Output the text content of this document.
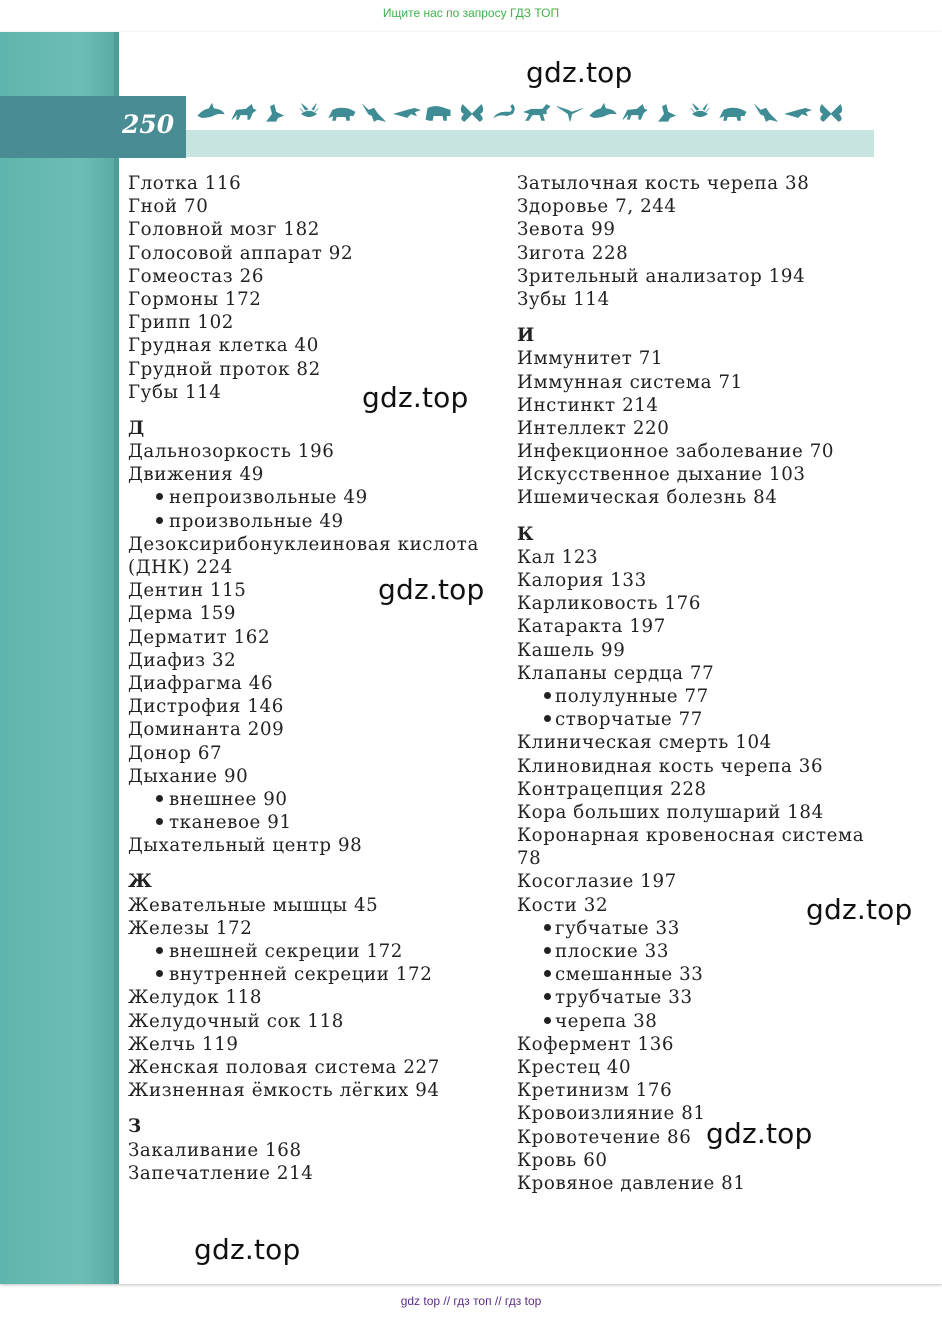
Ищите нас по запросу ГДЗ ТОП
250
gdz.top
gdz.top
gdz.top
gdz.top
gdz.top
gdz.top
Глотка 116
Гной 70
Головной мозг 182
Голосовой аппарат 92
Гомеостаз 26
Гормоны 172
Грипп 102
Грудная клетка 40
Грудной проток 82
Губы 114
Д
Дальнозоркость 196
Движения 49
непроизвольные 49
произвольные 49
Дезоксирибонуклеиновая кислота
(ДНК) 224
Дентин 115
Дерма 159
Дерматит 162
Диафиз 32
Диафрагма 46
Дистрофия 146
Доминанта 209
Донор 67
Дыхание 90
внешнее 90
тканевое 91
Дыхательный центр 98
Ж
Жевательные мышцы 45
Железы 172
внешней секреции 172
внутренней секреции 172
Желудок 118
Желудочный сок 118
Желчь 119
Женская половая система 227
Жизненная ёмкость лёгких 94
З
Закаливание 168
Запечатление 214
Затылочная кость черепа 38
Здоровье 7, 244
Зевота 99
Зигота 228
Зрительный анализатор 194
Зубы 114
И
Иммунитет 71
Иммунная система 71
Инстинкт 214
Интеллект 220
Инфекционное заболевание 70
Искусственное дыхание 103
Ишемическая болезнь 84
К
Кал 123
Калория 133
Карликовость 176
Катаракта 197
Кашель 99
Клапаны сердца 77
полулунные 77
створчатые 77
Клиническая смерть 104
Клиновидная кость черепа 36
Контрацепция 228
Кора больших полушарий 184
Коронарная кровеносная система
78
Косоглазие 197
Кости 32
губчатые 33
плоские 33
смешанные 33
трубчатые 33
черепа 38
Кофермент 136
Крестец 40
Кретинизм 176
Кровоизлияние 81
Кровотечение 86
Кровь 60
Кровяное давление 81
gdz top // гдз топ // гдз top
